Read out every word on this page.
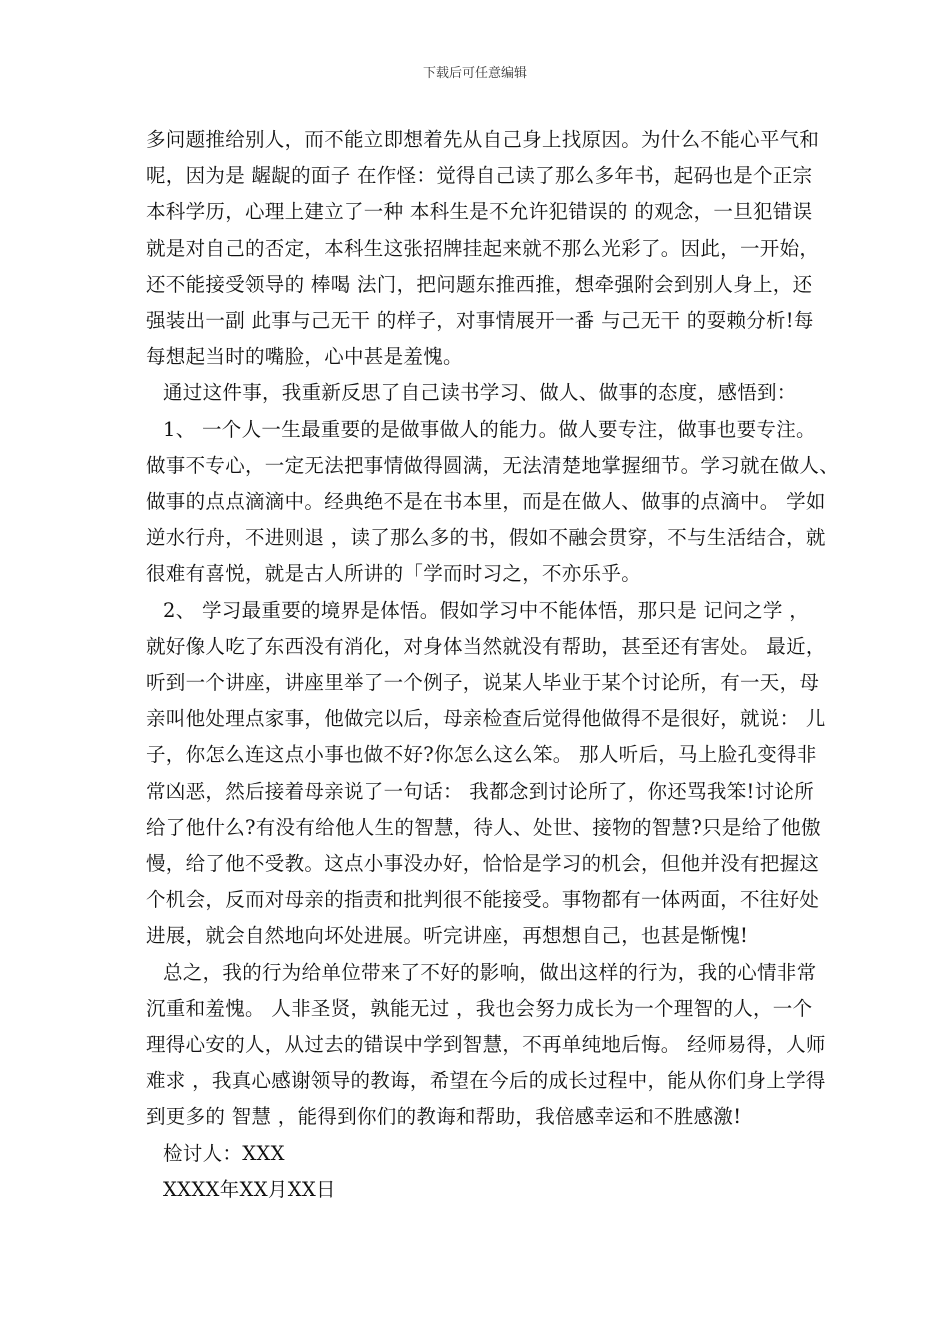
下载后可任意编辑
多问题推给别人，而不能立即想着先从自己身上找原因。为什么不能心平气和
呢，因为是 龌龊的面子 在作怪：觉得自己读了那么多年书，起码也是个正宗
本科学历，心理上建立了一种 本科生是不允许犯错误的 的观念，一旦犯错误
就是对自己的否定，本科生这张招牌挂起来就不那么光彩了。因此，一开始，
还不能接受领导的 棒喝 法门，把问题东推西推，想牵强附会到别人身上，还
强装出一副 此事与己无干 的样子，对事情展开一番 与己无干 的耍赖分析!每
每想起当时的嘴脸，心中甚是羞愧。
通过这件事，我重新反思了自己读书学习、做人、做事的态度，感悟到：
1、 一个人一生最重要的是做事做人的能力。做人要专注，做事也要专注。
做事不专心，一定无法把事情做得圆满，无法清楚地掌握细节。学习就在做人、
做事的点点滴滴中。经典绝不是在书本里，而是在做人、做事的点滴中。 学如
逆水行舟，不进则退 ，读了那么多的书，假如不融会贯穿，不与生活结合，就
很难有喜悦，就是古人所讲的「学而时习之，不亦乐乎。
2、 学习最重要的境界是体悟。假如学习中不能体悟，那只是 记问之学 ，
就好像人吃了东西没有消化，对身体当然就没有帮助，甚至还有害处。 最近，
听到一个讲座，讲座里举了一个例子，说某人毕业于某个讨论所，有一天，母
亲叫他处理点家事，他做完以后，母亲检查后觉得他做得不是很好，就说： 儿
子，你怎么连这点小事也做不好?你怎么这么笨。 那人听后，马上脸孔变得非
常凶恶，然后接着母亲说了一句话： 我都念到讨论所了，你还骂我笨!讨论所
给了他什么?有没有给他人生的智慧，待人、处世、接物的智慧?只是给了他傲
慢，给了他不受教。这点小事没办好，恰恰是学习的机会，但他并没有把握这
个机会，反而对母亲的指责和批判很不能接受。事物都有一体两面，不往好处
进展，就会自然地向坏处进展。听完讲座，再想想自己，也甚是惭愧!
总之，我的行为给单位带来了不好的影响，做出这样的行为，我的心情非常
沉重和羞愧。 人非圣贤，孰能无过 ，我也会努力成长为一个理智的人，一个
理得心安的人，从过去的错误中学到智慧，不再单纯地后悔。 经师易得，人师
难求 ，我真心感谢领导的教诲，希望在今后的成长过程中，能从你们身上学得
到更多的 智慧 ，能得到你们的教诲和帮助，我倍感幸运和不胜感激!
检讨人：XXX
XXXX年XX月XX日
